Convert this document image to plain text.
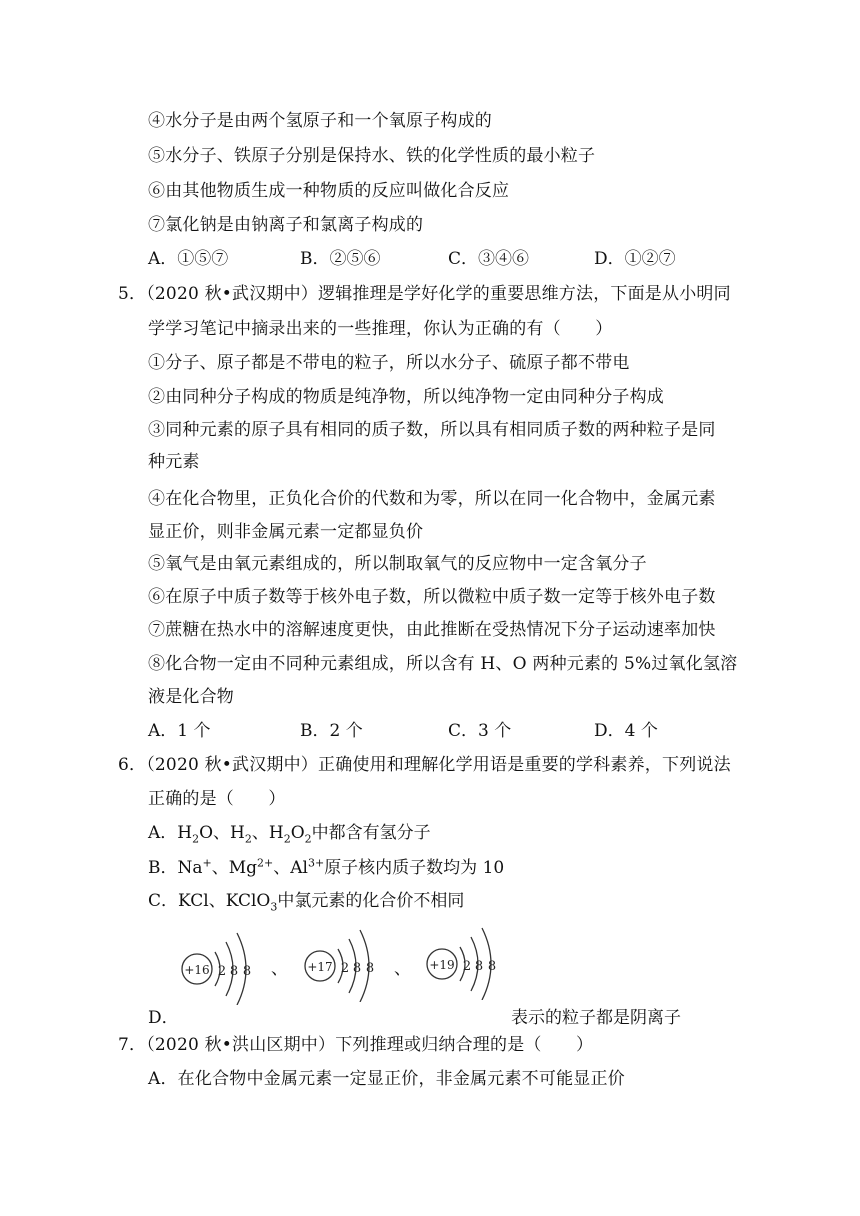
④水分子是由两个氢原子和一个氧原子构成的
⑤水分子、铁原子分别是保持水、铁的化学性质的最小粒子
⑥由其他物质生成一种物质的反应叫做化合反应
⑦氯化钠是由钠离子和氯离子构成的
A．①⑤⑦	B．②⑤⑥	C．③④⑥	D．①②⑦
5．（2020 秋•武汉期中）逻辑推理是学好化学的重要思维方法，下面是从小明同
学学习笔记中摘录出来的一些推理，你认为正确的有（　　）
①分子、原子都是不带电的粒子，所以水分子、硫原子都不带电
②由同种分子构成的物质是纯净物，所以纯净物一定由同种分子构成
③同种元素的原子具有相同的质子数，所以具有相同质子数的两种粒子是同
种元素
④在化合物里，正负化合价的代数和为零，所以在同一化合物中，金属元素
显正价，则非金属元素一定都显负价
⑤氧气是由氧元素组成的，所以制取氧气的反应物中一定含氧分子
⑥在原子中质子数等于核外电子数，所以微粒中质子数一定等于核外电子数
⑦蔗糖在热水中的溶解速度更快，由此推断在受热情况下分子运动速率加快
⑧化合物一定由不同种元素组成，所以含有 H、O 两种元素的 5%过氧化氢溶
液是化合物
A．1 个	B．2 个	C．3 个	D．4 个
6．（2020 秋•武汉期中）正确使用和理解化学用语是重要的学科素养，下列说法
正确的是（　　）
A．$H_2O$、$H_2$、$H_2O_2$中都含有氢分子
B．Na+、$Mg^{2+}$、$Al^{3+}$原子核内质子数均为 10
C．KCl、KClO$_3$中氯元素的化合价不相同
D．
+16 2 8 8 、 +17 2 8 8 、 +19 2 8 8
表示的粒子都是阴离子
7．（2020 秋•洪山区期中）下列推理或归纳合理的是（　　）
A．在化合物中金属元素一定显正价，非金属元素不可能显正价
